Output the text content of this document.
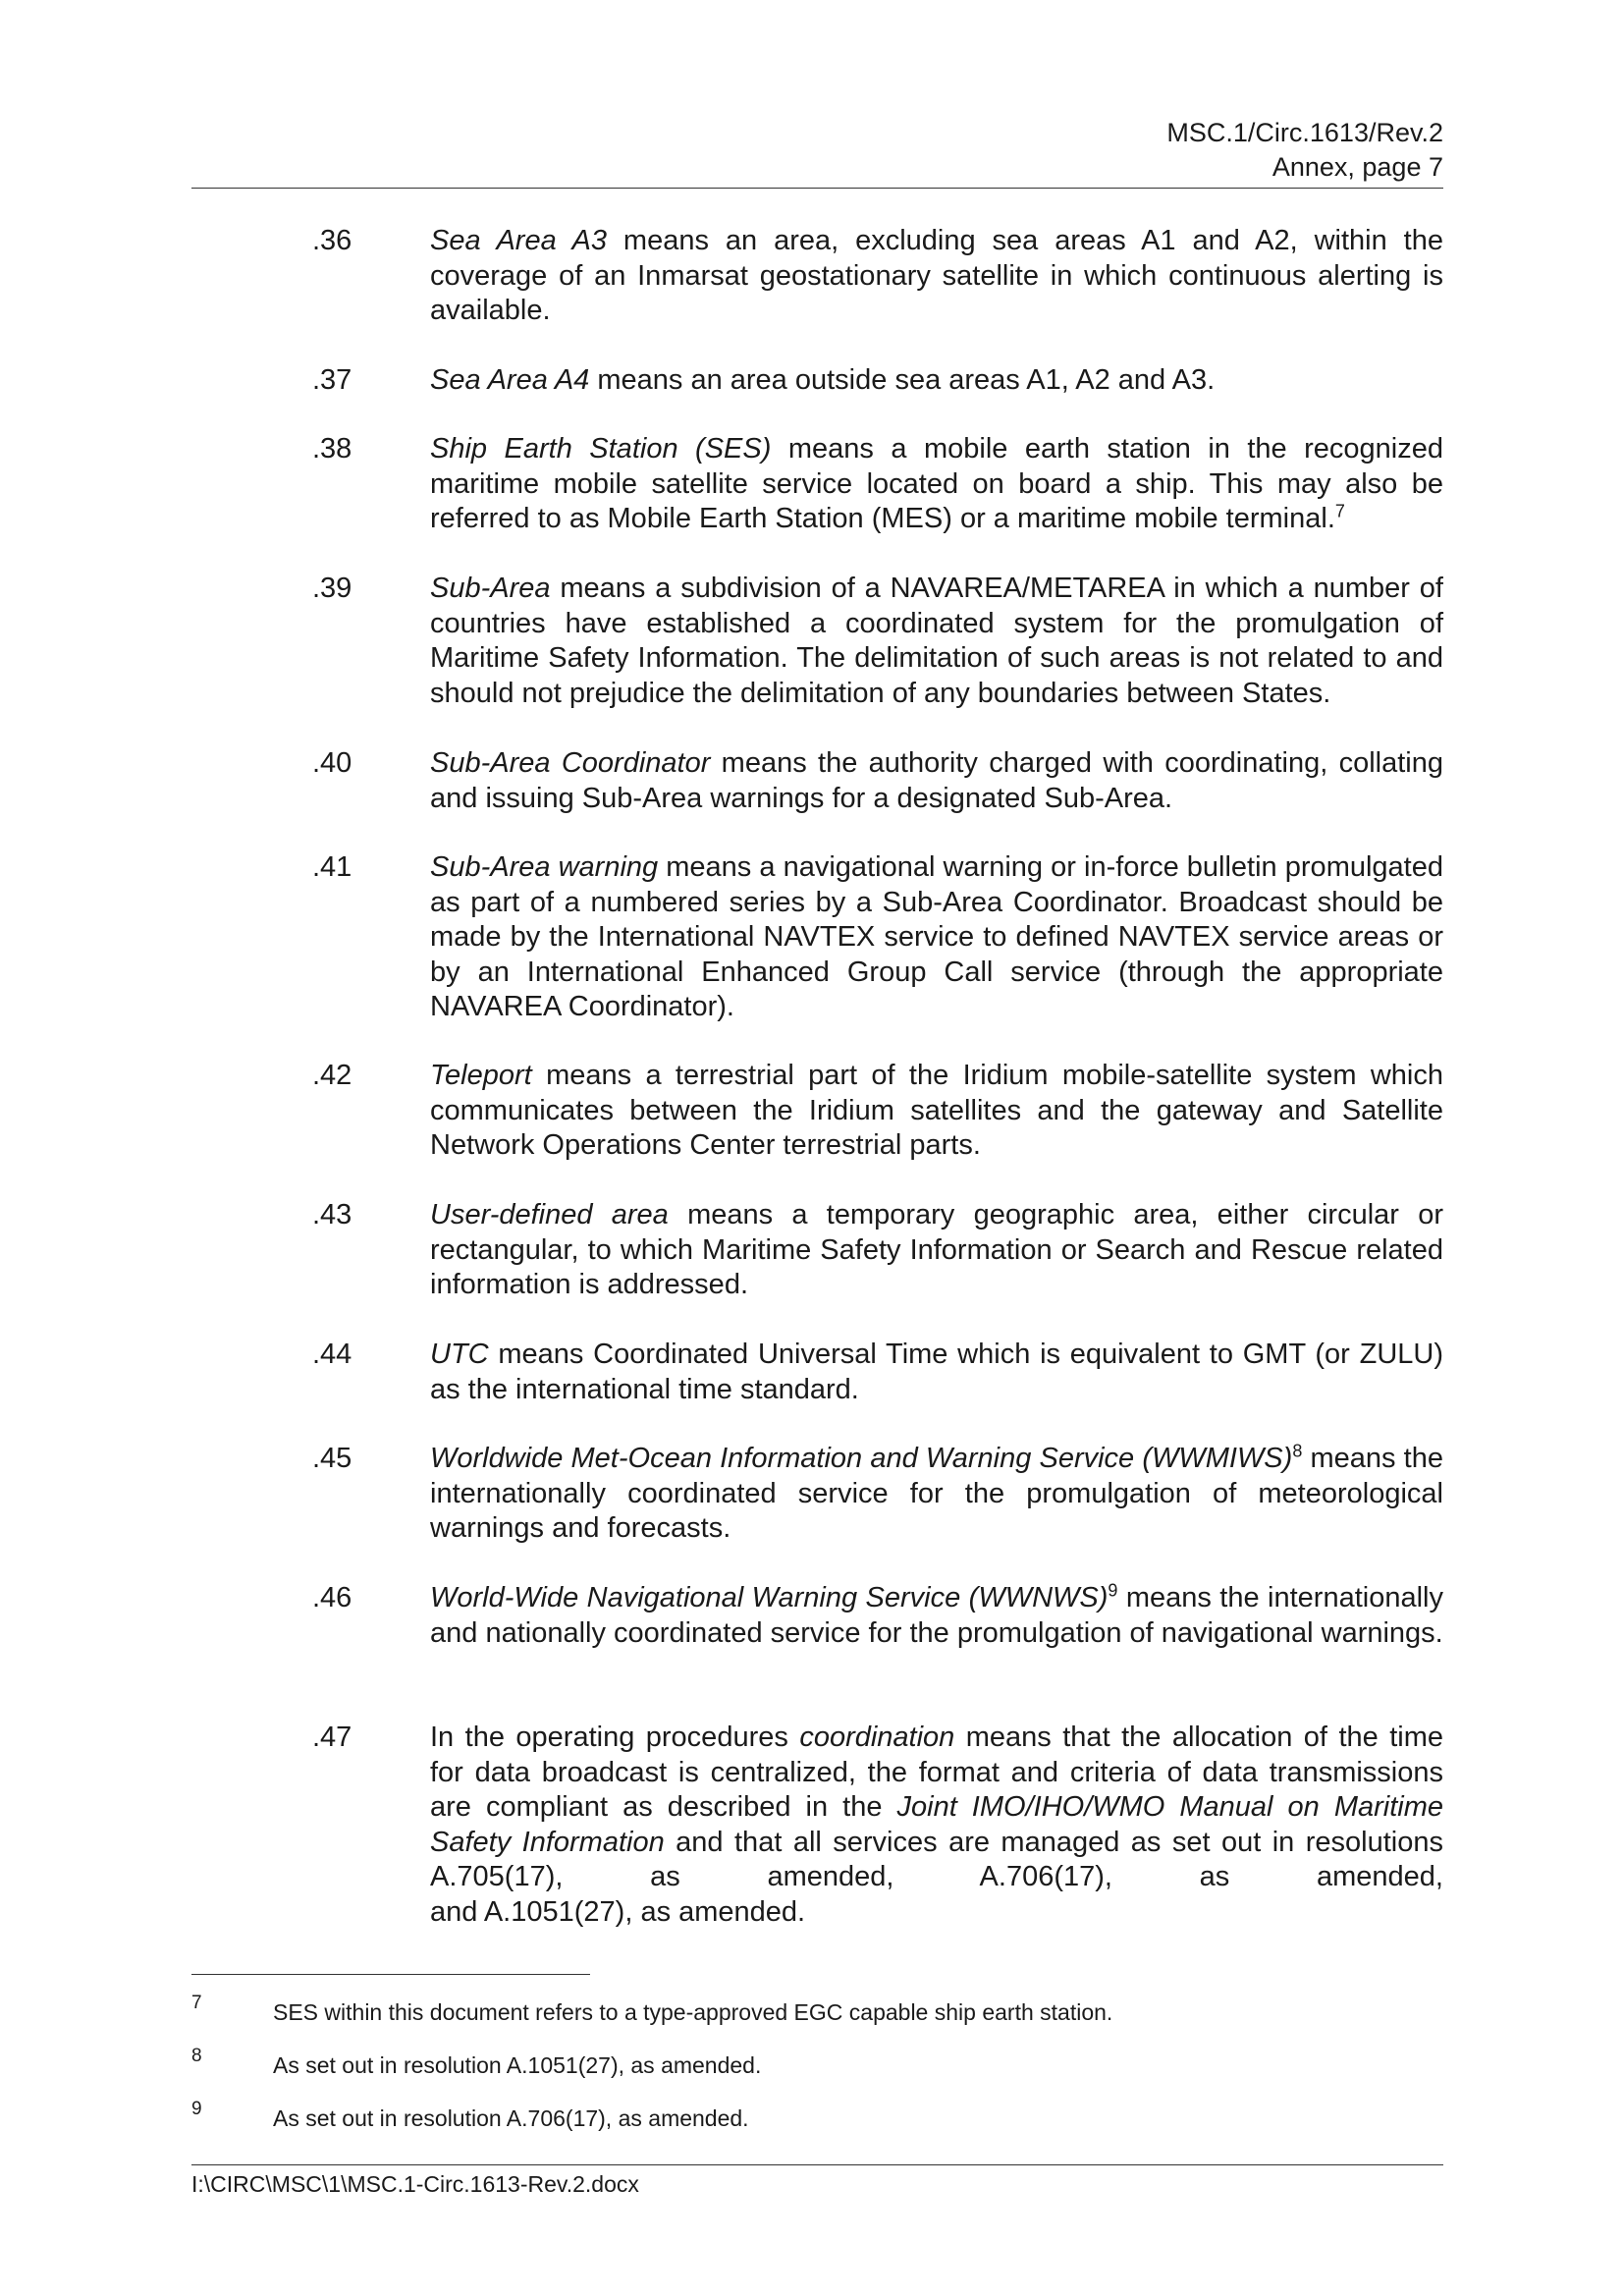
MSC.1/Circ.1613/Rev.2
Annex, page 7
.36	Sea Area A3 means an area, excluding sea areas A1 and A2, within the coverage of an Inmarsat geostationary satellite in which continuous alerting is available.
.37	Sea Area A4 means an area outside sea areas A1, A2 and A3.
.38	Ship Earth Station (SES) means a mobile earth station in the recognized maritime mobile satellite service located on board a ship. This may also be referred to as Mobile Earth Station (MES) or a maritime mobile terminal.$^7$
.39	Sub-Area means a subdivision of a NAVAREA/METAREA in which a number of countries have established a coordinated system for the promulgation of Maritime Safety Information. The delimitation of such areas is not related to and should not prejudice the delimitation of any boundaries between States.
.40	Sub-Area Coordinator means the authority charged with coordinating, collating and issuing Sub-Area warnings for a designated Sub-Area.
.41	Sub-Area warning means a navigational warning or in-force bulletin promulgated as part of a numbered series by a Sub-Area Coordinator. Broadcast should be made by the International NAVTEX service to defined NAVTEX service areas or by an International Enhanced Group Call service (through the appropriate NAVAREA Coordinator).
.42	Teleport means a terrestrial part of the Iridium mobile-satellite system which communicates between the Iridium satellites and the gateway and Satellite Network Operations Center terrestrial parts.
.43	User-defined area means a temporary geographic area, either circular or rectangular, to which Maritime Safety Information or Search and Rescue related information is addressed.
.44	UTC means Coordinated Universal Time which is equivalent to GMT (or ZULU) as the international time standard.
.45	Worldwide Met-Ocean Information and Warning Service (WWMIWS)$^8$ means the internationally coordinated service for the promulgation of meteorological warnings and forecasts.
.46	World-Wide Navigational Warning Service (WWNWS)$^9$ means the internationally and nationally coordinated service for the promulgation of navigational warnings.
.47	In the operating procedures coordination means that the allocation of the time for data broadcast is centralized, the format and criteria of data transmissions are compliant as described in the Joint IMO/IHO/WMO Manual on Maritime Safety Information and that all services are managed as set out in resolutions A.705(17), as amended, A.706(17), as amended,
and A.1051(27), as amended.
7	SES within this document refers to a type-approved EGC capable ship earth station.
8	As set out in resolution A.1051(27), as amended.
9	As set out in resolution A.706(17), as amended.
I:\CIRC\MSC\1\MSC.1-Circ.1613-Rev.2.docx
